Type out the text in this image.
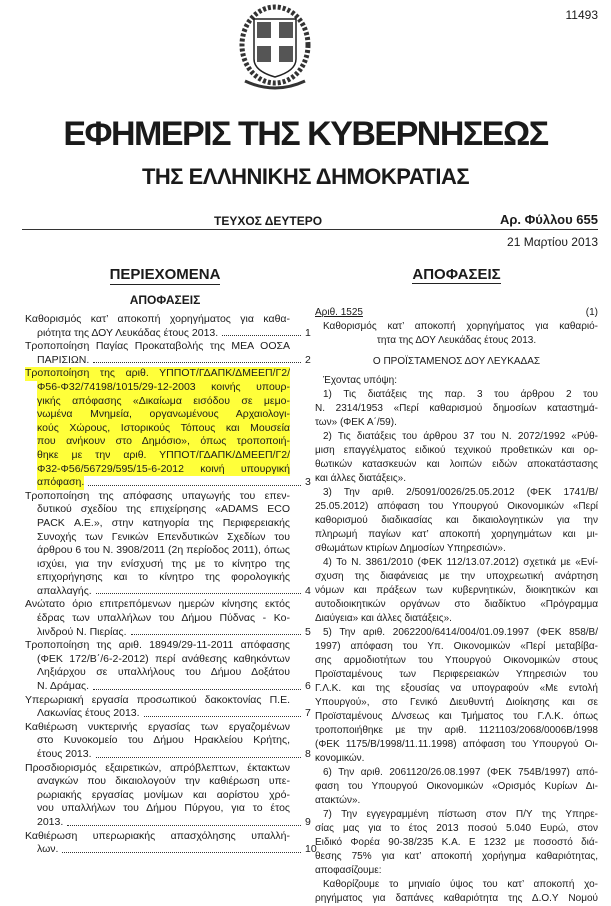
11493
ΕΦΗΜΕΡΙΣ ΤΗΣ ΚΥΒΕΡΝΗΣΕΩΣ
ΤΗΣ ΕΛΛΗΝΙΚΗΣ ΔΗΜΟΚΡΑΤΙΑΣ
ΤΕΥΧΟΣ ΔΕΥΤΕΡΟ	Αρ. Φύλλου 655
21 Μαρτίου 2013
ΠΕΡΙΕΧΟΜΕΝΑ
ΑΠΟΦΑΣΕΙΣ
Καθορισμός κατ’ αποκοπή χορηγήματος για καθα-
ριότητα της ΔΟΥ Λευκάδας έτους 2013.	1
Τροποποίηση Παγίας Προκαταβολής της ΜΕΑ ΟΟΣΑ
ΠΑΡΙΣΙΩΝ.	2
Τροποποίηση της αριθ. ΥΠΠΟΤ/ΓΔΑΠΚ/ΔΜΕΕΠ/Γ2/
Φ56-Φ32/74198/1015/29-12-2003 κοινής υπουρ-
γικής απόφασης «Δικαίωμα εισόδου σε μεμο-
νωμένα Μνημεία, οργανωμένους Αρχαιολογι-
κούς Χώρους, Ιστορικούς Τόπους και Μουσεία
που ανήκουν στο Δημόσιο», όπως τροποποιή-
θηκε με την αριθ. ΥΠΠΟΤ/ΓΔΑΠΚ/ΔΜΕΕΠ/Γ2/
Φ32-Φ56/56729/595/15-6-2012 κοινή υπουργική
απόφαση.	3
Τροποποίηση της απόφασης υπαγωγής του επεν-
δυτικού σχεδίου της επιχείρησης «ADAMS ECO
PACK Α.Ε.», στην κατηγορία της Περιφερειακής
Συνοχής των Γενικών Επενδυτικών Σχεδίων του
άρθρου 6 του Ν. 3908/2011 (2η περίοδος 2011), όπως
ισχύει, για την ενίσχυσή της με το κίνητρο της
επιχορήγησης και το κίνητρο της φορολογικής
απαλλαγής.	4
Ανώτατο όριο επιτρεπόμενων ημερών κίνησης εκτός
έδρας των υπαλλήλων του Δήμου Πύδνας - Κο-
λινδρού Ν. Πιερίας.	5
Τροποποίηση της αριθ. 18949/29-11-2011 απόφασης
(ΦΕΚ 172/Β΄/6-2-2012) περί ανάθεσης καθηκόντων
Ληξιάρχου σε υπαλλήλους του Δήμου Δοξάτου
Ν. Δράμας.	6
Υπερωριακή εργασία προσωπικού δακοκτονίας Π.Ε.
Λακωνίας έτους 2013.	7
Καθιέρωση νυκτερινής εργασίας των εργαζομένων
στο Κυνοκομείο του Δήμου Ηρακλείου Κρήτης,
έτους 2013.	8
Προσδιορισμός εξαιρετικών, απρόβλεπτων, έκτακτων
αναγκών που δικαιολογούν την καθιέρωση υπε-
ρωριακής εργασίας μονίμων και αορίστου χρό-
νου υπαλλήλων του Δήμου Πύργου, για το έτος
2013.	9
Καθιέρωση υπερωριακής απασχόλησης υπαλλή-
λων.	10
ΑΠΟΦΑΣΕΙΣ
Αριθ. 1525	(1)
Καθορισμός κατ’ αποκοπή χορηγήματος για καθαριό-
τητα της ΔΟΥ Λευκάδας έτους 2013.
Ο ΠΡΟΪΣΤΑΜΕΝΟΣ ΔΟΥ ΛΕΥΚΑΔΑΣ
Έχοντας υπόψη:
1) Τις διατάξεις της παρ. 3 του άρθρου 2 του
Ν. 2314/1953 «Περί καθαρισμού δημοσίων καταστημά-
των» (ΦΕΚ Α΄/59).
2) Τις διατάξεις του άρθρου 37 του Ν. 2072/1992 «Ρύθ-
μιση επαγγέλματος ειδικού τεχνικού προθετικών και ορ-
θωτικών κατασκευών και λοιπών ειδών αποκατάστασης
και άλλες διατάξεις».
3) Την αριθ. 2/5091/0026/25.05.2012 (ΦΕΚ 1741/Β/
25.05.2012) απόφαση του Υπουργού Οικονομικών «Περί
καθορισμού διαδικασίας και δικαιολογητικών για την
πληρωμή παγίων κατ’ αποκοπή χορηγημάτων και μι-
σθωμάτων κτιρίων Δημοσίων Υπηρεσιών».
4) Το Ν. 3861/2010 (ΦΕΚ 112/13.07.2012) σχετικά με «Ενί-
σχυση της διαφάνειας με την υποχρεωτική ανάρτηση
νόμων και πράξεων των κυβερνητικών, διοικητικών και
αυτοδιοικητικών οργάνων στο διαδίκτυο «Πρόγραμμα
Διαύγεια» και άλλες διατάξεις».
5) Την αριθ. 2062200/6414/004/01.09.1997 (ΦΕΚ 858/Β/
1997) απόφαση του Υπ. Οικονομικών «Περί μεταβίβα-
σης αρμοδιοτήτων του Υπουργού Οικονομικών στους
Προϊσταμένους των Περιφερειακών Υπηρεσιών του
Γ.Λ.Κ. και της εξουσίας να υπογραφούν «Με εντολή
Υπουργού», στο Γενικό Διευθυντή Διοίκησης και σε
Προϊσταμένους Δ/νσεως και Τμήματος του Γ.Λ.Κ. όπως
τροποποιήθηκε με την αριθ. 1121103/2068/0006Β/1998
(ΦΕΚ 1175/Β/1998/11.11.1998) απόφαση του Υπουργού Οι-
κονομικών.
6) Την αριθ. 2061120/26.08.1997 (ΦΕΚ 754Β/1997) από-
φαση του Υπουργού Οικονομικών «Ορισμός Κυρίων Δι-
ατακτών».
7) Την εγγεγραμμένη πίστωση στον Π/Υ της Υπηρε-
σίας μας για το έτος 2013 ποσού 5.040 Ευρώ, στον
Ειδικό Φορέα 90-38/235 Κ.Α. Ε 1232 με ποσοστό διά-
θεσης 75% για κατ’ αποκοπή χορήγημα καθαριότητας,
αποφασίζουμε:
Καθορίζουμε το μηνιαίο ύψος του κατ’ αποκοπή χο-
ρηγήματος για δαπάνες καθαριότητα της Δ.Ο.Υ Νομού
